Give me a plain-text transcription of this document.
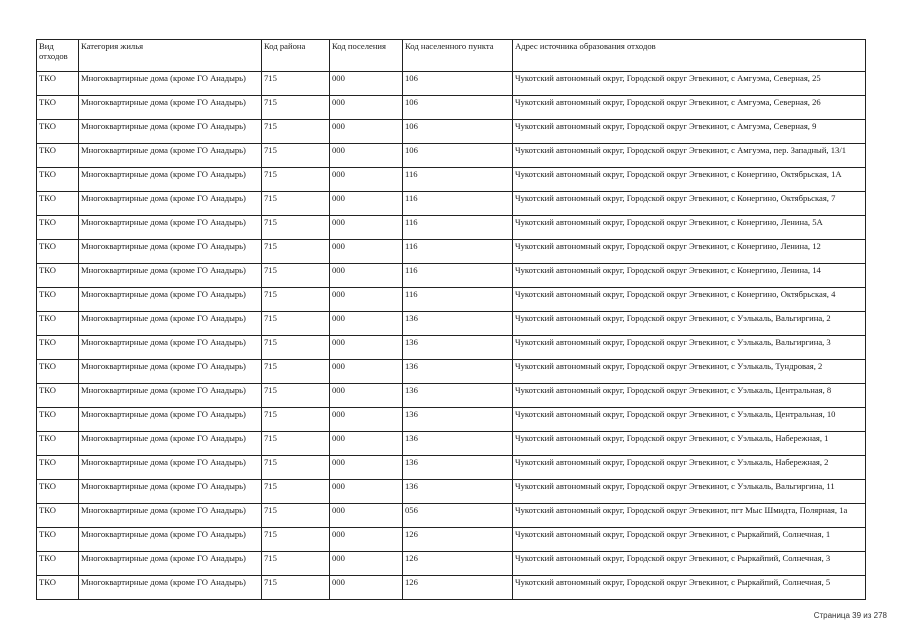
Вид отходов	Категория жилья	Код района	Код поселения	Код населенного пункта	Адрес источника образования отходов
ТКО	Многоквартирные дома (кроме ГО Анадырь)	715	000	106	Чукотский автономный округ, Городской округ Эгвекинот, с Амгуэма, Северная, 25
ТКО	Многоквартирные дома (кроме ГО Анадырь)	715	000	106	Чукотский автономный округ, Городской округ Эгвекинот, с Амгуэма, Северная, 26
ТКО	Многоквартирные дома (кроме ГО Анадырь)	715	000	106	Чукотский автономный округ, Городской округ Эгвекинот, с Амгуэма, Северная, 9
ТКО	Многоквартирные дома (кроме ГО Анадырь)	715	000	106	Чукотский автономный округ, Городской округ Эгвекинот, с Амгуэма, пер. Западный, 13/1
ТКО	Многоквартирные дома (кроме ГО Анадырь)	715	000	116	Чукотский автономный округ, Городской округ Эгвекинот, с Конергино, Октябрьская, 1А
ТКО	Многоквартирные дома (кроме ГО Анадырь)	715	000	116	Чукотский автономный округ, Городской округ Эгвекинот, с Конергино, Октябрьская, 7
ТКО	Многоквартирные дома (кроме ГО Анадырь)	715	000	116	Чукотский автономный округ, Городской округ Эгвекинот, с Конергино, Ленина, 5А
ТКО	Многоквартирные дома (кроме ГО Анадырь)	715	000	116	Чукотский автономный округ, Городской округ Эгвекинот, с Конергино, Ленина, 12
ТКО	Многоквартирные дома (кроме ГО Анадырь)	715	000	116	Чукотский автономный округ, Городской округ Эгвекинот, с Конергино, Ленина, 14
ТКО	Многоквартирные дома (кроме ГО Анадырь)	715	000	116	Чукотский автономный округ, Городской округ Эгвекинот, с Конергино, Октябрьская, 4
ТКО	Многоквартирные дома (кроме ГО Анадырь)	715	000	136	Чукотский автономный округ, Городской округ Эгвекинот, с Уэлькаль, Вальгиргина, 2
ТКО	Многоквартирные дома (кроме ГО Анадырь)	715	000	136	Чукотский автономный округ, Городской округ Эгвекинот, с Уэлькаль, Вальгиргина, 3
ТКО	Многоквартирные дома (кроме ГО Анадырь)	715	000	136	Чукотский автономный округ, Городской округ Эгвекинот, с Уэлькаль, Тундровая, 2
ТКО	Многоквартирные дома (кроме ГО Анадырь)	715	000	136	Чукотский автономный округ, Городской округ Эгвекинот, с Уэлькаль, Центральная, 8
ТКО	Многоквартирные дома (кроме ГО Анадырь)	715	000	136	Чукотский автономный округ, Городской округ Эгвекинот, с Уэлькаль, Центральная, 10
ТКО	Многоквартирные дома (кроме ГО Анадырь)	715	000	136	Чукотский автономный округ, Городской округ Эгвекинот, с Уэлькаль, Набережная, 1
ТКО	Многоквартирные дома (кроме ГО Анадырь)	715	000	136	Чукотский автономный округ, Городской округ Эгвекинот, с Уэлькаль, Набережная, 2
ТКО	Многоквартирные дома (кроме ГО Анадырь)	715	000	136	Чукотский автономный округ, Городской округ Эгвекинот, с Уэлькаль, Вальгиргина, 11
ТКО	Многоквартирные дома (кроме ГО Анадырь)	715	000	056	Чукотский автономный округ, Городской округ Эгвекинот, пгт Мыс Шмидта, Полярная, 1а
ТКО	Многоквартирные дома (кроме ГО Анадырь)	715	000	126	Чукотский автономный округ, Городской округ Эгвекинот, с Рыркайпий, Солнечная, 1
ТКО	Многоквартирные дома (кроме ГО Анадырь)	715	000	126	Чукотский автономный округ, Городской округ Эгвекинот, с Рыркайпий, Солнечная, 3
ТКО	Многоквартирные дома (кроме ГО Анадырь)	715	000	126	Чукотский автономный округ, Городской округ Эгвекинот, с Рыркайпий, Солнечная, 5
Страница 39 из 278
